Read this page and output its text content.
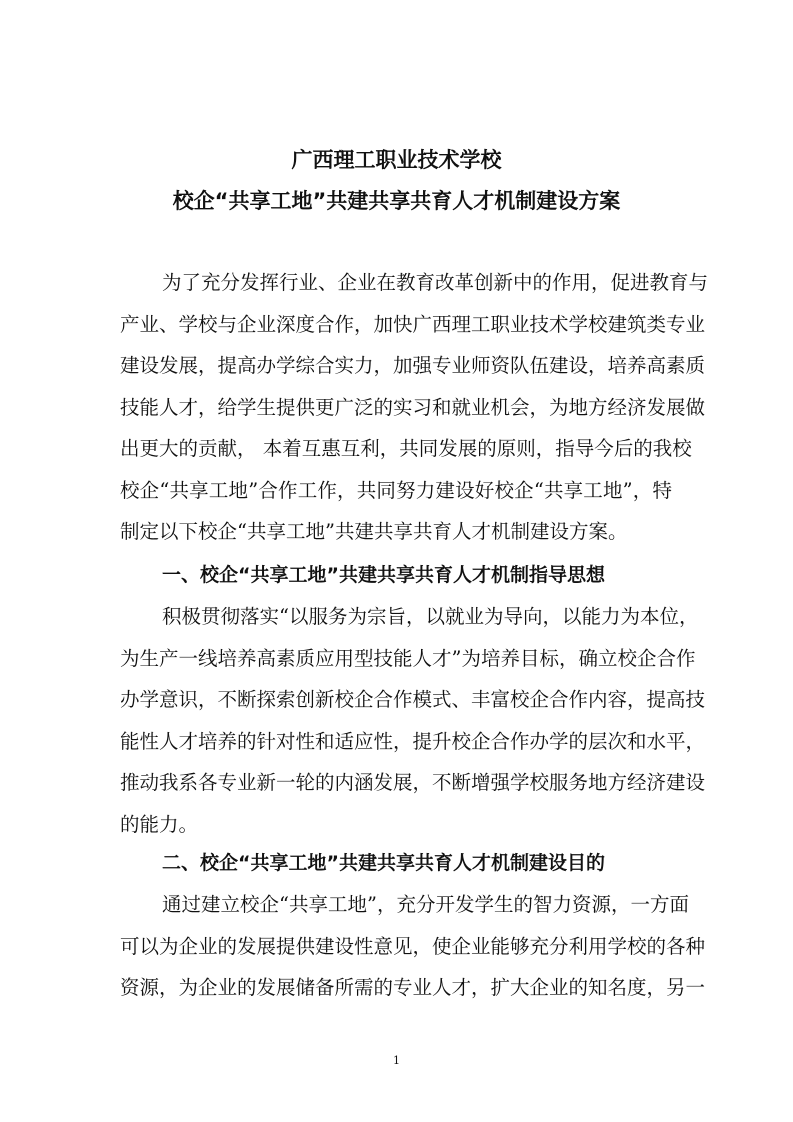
广西理工职业技术学校
校企“共享工地”共建共享共育人才机制建设方案
为了充分发挥行业、企业在教育改革创新中的作用，促进教育与
产业、学校与企业深度合作，加快广西理工职业技术学校建筑类专业
建设发展，提高办学综合实力，加强专业师资队伍建设，培养高素质
技能人才，给学生提供更广泛的实习和就业机会，为地方经济发展做
出更大的贡献， 本着互惠互利，共同发展的原则，指导今后的我校
校企“共享工地”合作工作，共同努力建设好校企“共享工地”，特
制定以下校企“共享工地”共建共享共育人才机制建设方案。
一、校企“共享工地”共建共享共育人才机制指导思想
积极贯彻落实“以服务为宗旨，以就业为导向，以能力为本位，
为生产一线培养高素质应用型技能人才”为培养目标，确立校企合作
办学意识，不断探索创新校企合作模式、丰富校企合作内容，提高技
能性人才培养的针对性和适应性，提升校企合作办学的层次和水平，
推动我系各专业新一轮的内涵发展，不断增强学校服务地方经济建设
的能力。
二、校企“共享工地”共建共享共育人才机制建设目的
通过建立校企“共享工地”，充分开发学生的智力资源，一方面
可以为企业的发展提供建设性意见，使企业能够充分利用学校的各种
资源，为企业的发展储备所需的专业人才，扩大企业的知名度，另一
1
